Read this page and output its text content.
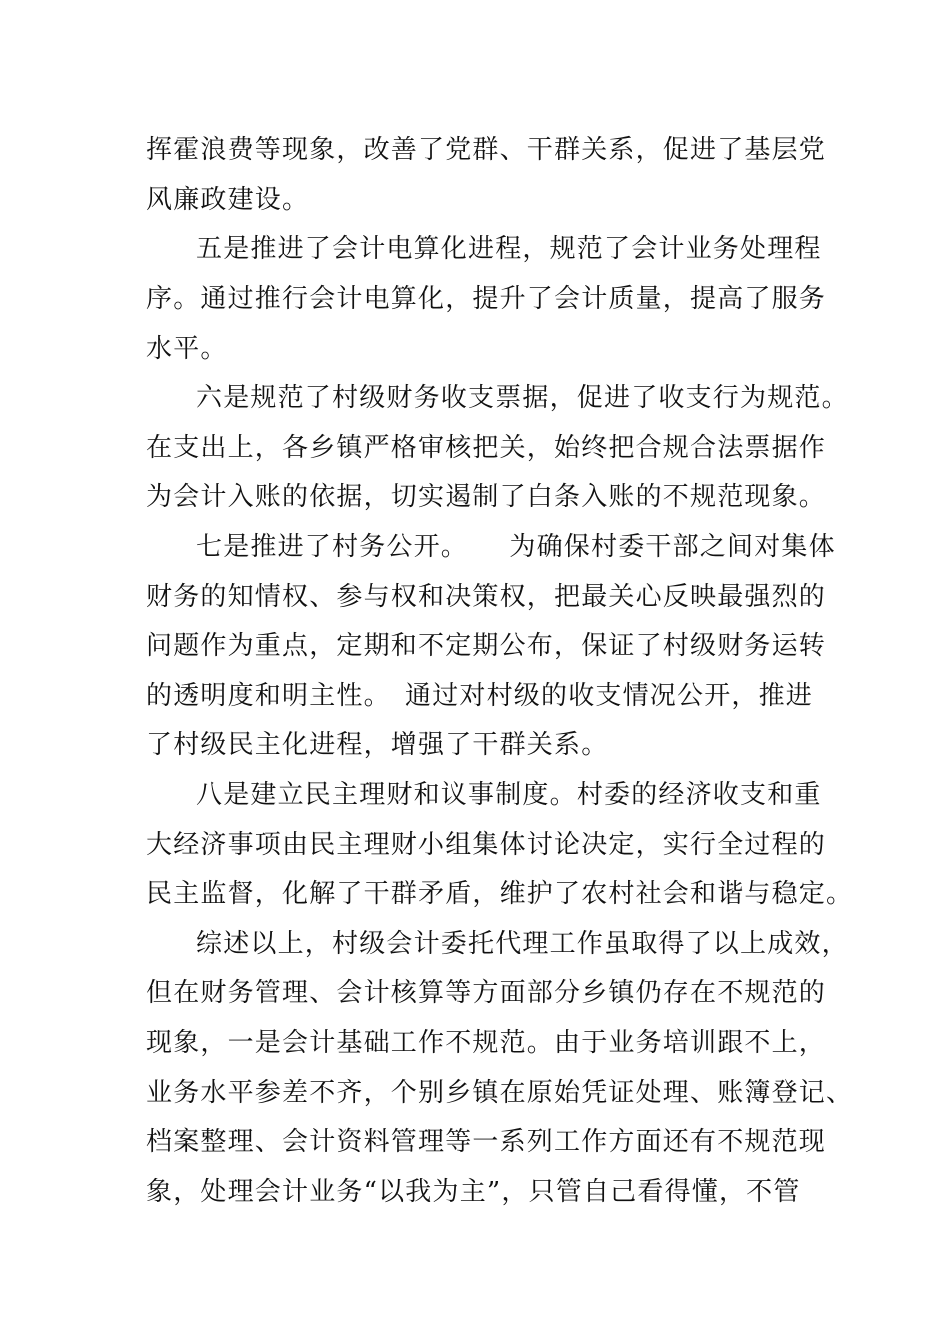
挥霍浪费等现象，改善了党群、干群关系，促进了基层党
风廉政建设。
五是推进了会计电算化进程，规范了会计业务处理程
序。通过推行会计电算化，提升了会计质量，提高了服务
水平。
六是规范了村级财务收支票据，促进了收支行为规范。
在支出上，各乡镇严格审核把关，始终把合规合法票据作
为会计入账的依据，切实遏制了白条入账的不规范现象。
七是推进了村务公开。　　为确保村委干部之间对集体
财务的知情权、参与权和决策权，把最关心反映最强烈的
问题作为重点，定期和不定期公布，保证了村级财务运转
的透明度和明主性。　通过对村级的收支情况公开，推进
了村级民主化进程，增强了干群关系。
八是建立民主理财和议事制度。村委的经济收支和重
大经济事项由民主理财小组集体讨论决定，实行全过程的
民主监督，化解了干群矛盾，维护了农村社会和谐与稳定。
综述以上，村级会计委托代理工作虽取得了以上成效，
但在财务管理、会计核算等方面部分乡镇仍存在不规范的
现象，一是会计基础工作不规范。由于业务培训跟不上，
业务水平参差不齐，个别乡镇在原始凭证处理、账簿登记、
档案整理、会计资料管理等一系列工作方面还有不规范现
象，处理会计业务“以我为主”，只管自己看得懂，不管
